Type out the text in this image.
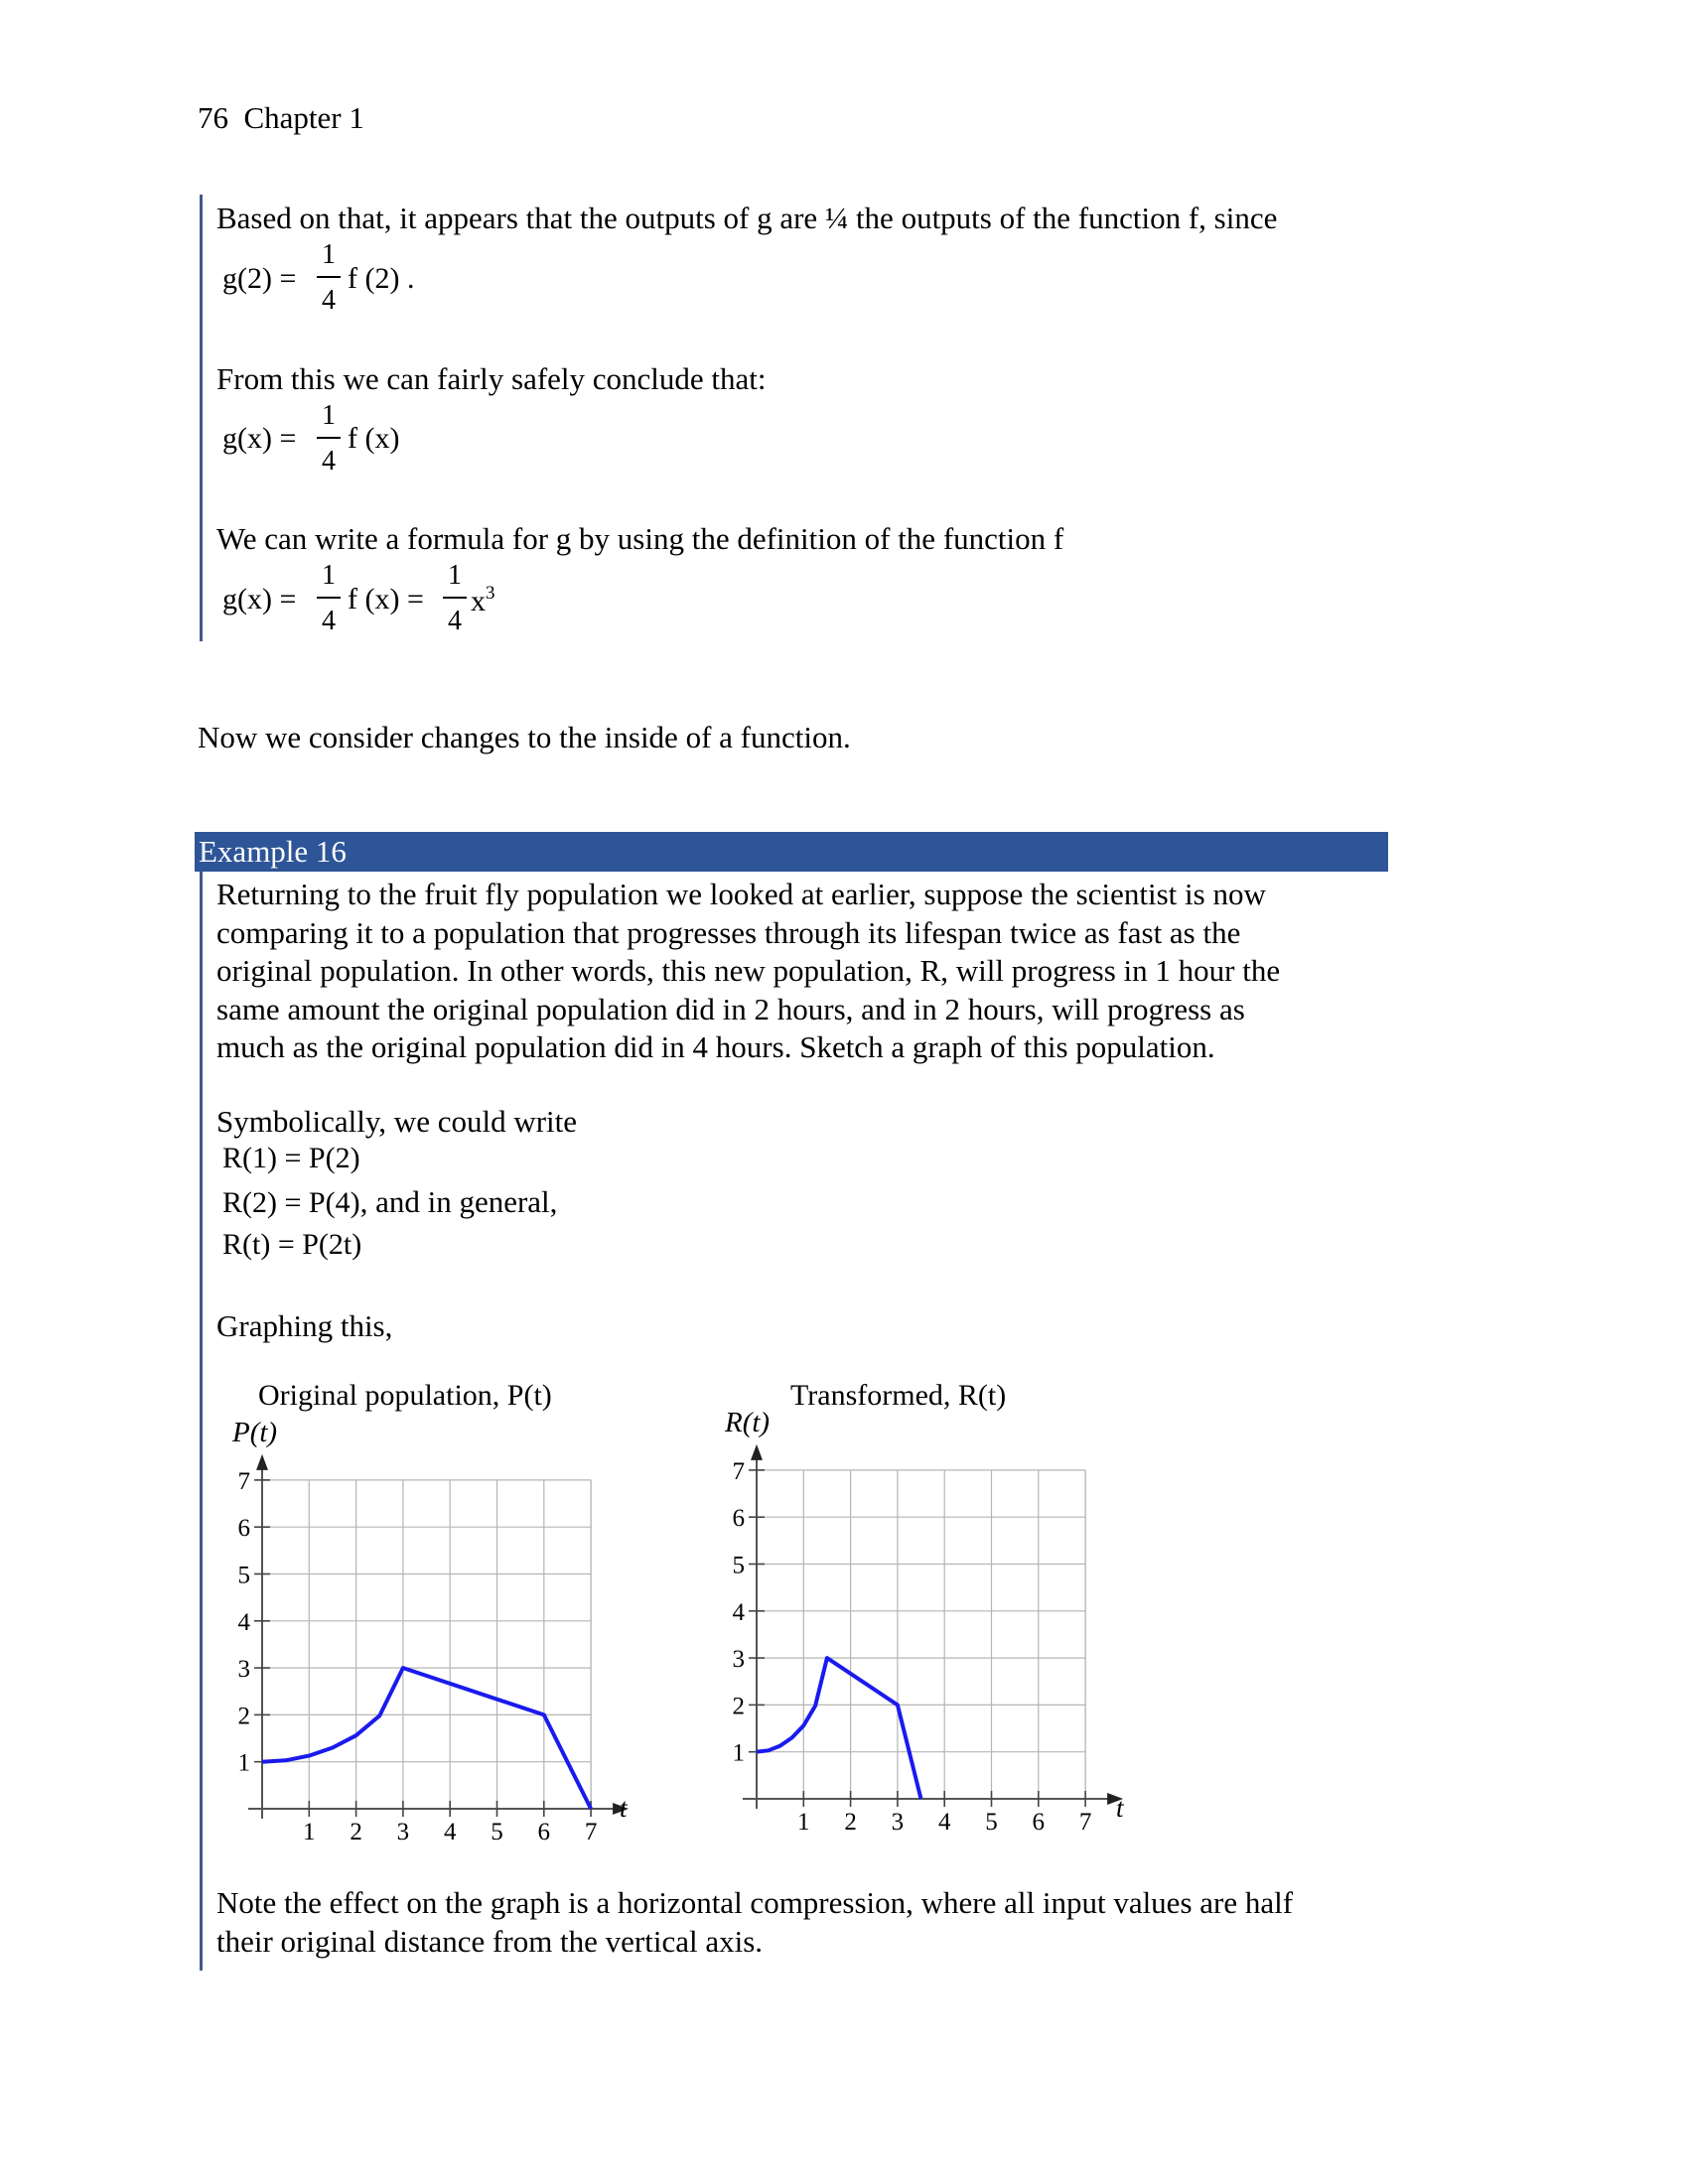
76 Chapter 1
Based on that, it appears that the outputs of g are ¼ the outputs of the function f, since
g(2) =
1
4
f (2) .
From this we can fairly safely conclude that:
g(x) =
1
4
f (x)
We can write a formula for g by using the definition of the function f
g(x) =
1
4
f (x) =
1
4
$x^3$
Now we consider changes to the inside of a function.
Example 16
Returning to the fruit fly population we looked at earlier, suppose the scientist is now
comparing it to a population that progresses through its lifespan twice as fast as the
original population. In other words, this new population, R, will progress in 1 hour the
same amount the original population did in 2 hours, and in 2 hours, will progress as
much as the original population did in 4 hours. Sketch a graph of this population.
Symbolically, we could write
R(1) = P(2)
R(2) = P(4), and in general,
R(t) = P(2t)
Graphing this,
Original population, P(t)
P(t)
1 2 3 4 5 6 7
1
2
3
4
5
6
7
t
Transformed, R(t)
R(t)
1 2 3 4 5 6 7
1
2
3
4
5
6
7
t
Note the effect on the graph is a horizontal compression, where all input values are half
their original distance from the vertical axis.
